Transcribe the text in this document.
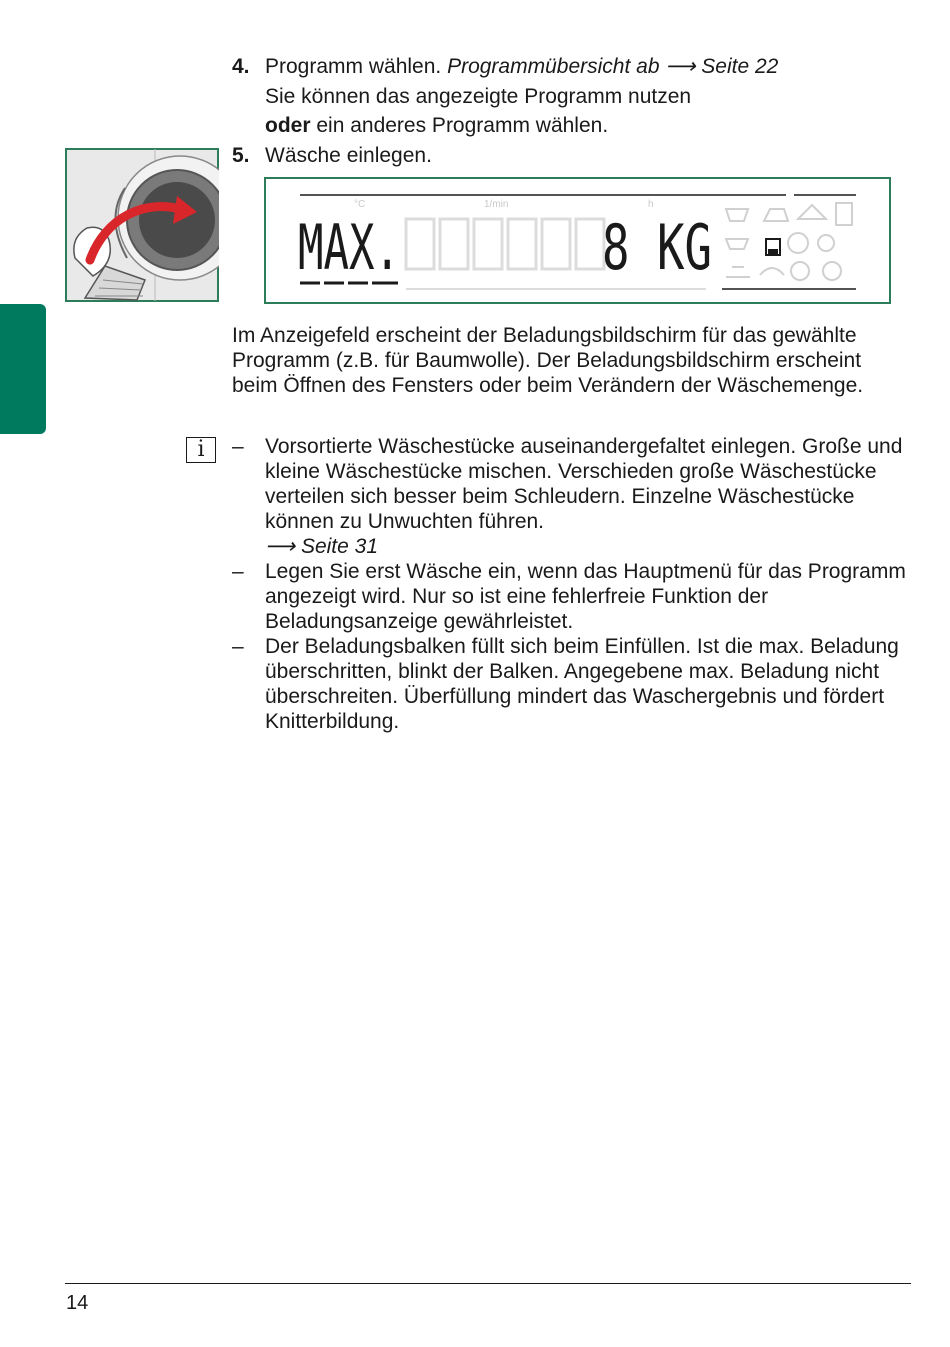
4. Programm wählen. Programmübersicht ab ⟶ Seite 22
Sie können das angezeigte Programm nutzen
oder ein anderes Programm wählen.
5. Wäsche einlegen.
°C	1/min	h
MAX.	8 KG

Im Anzeigefeld erscheint der Beladungsbildschirm für das gewählte Programm (z.B. für Baumwolle). Der Beladungsbildschirm erscheint beim Öffnen des Fensters oder beim Verändern der Wäschemenge.

i	–	Vorsortierte Wäschestücke auseinandergefaltet einlegen. Große und kleine Wäschestücke mischen. Verschieden große Wäschestücke verteilen sich besser beim Schleudern. Einzelne Wäschestücke können zu Unwuchten führen.
⟶ Seite 31
–	Legen Sie erst Wäsche ein, wenn das Hauptmenü für das Programm angezeigt wird. Nur so ist eine fehlerfreie Funktion der Beladungsanzeige gewährleistet.
–	Der Beladungsbalken füllt sich beim Einfüllen. Ist die max. Beladung überschritten, blinkt der Balken. Angegebene max. Beladung nicht überschreiten. Überfüllung mindert das Waschergebnis und fördert Knitterbildung.
14
